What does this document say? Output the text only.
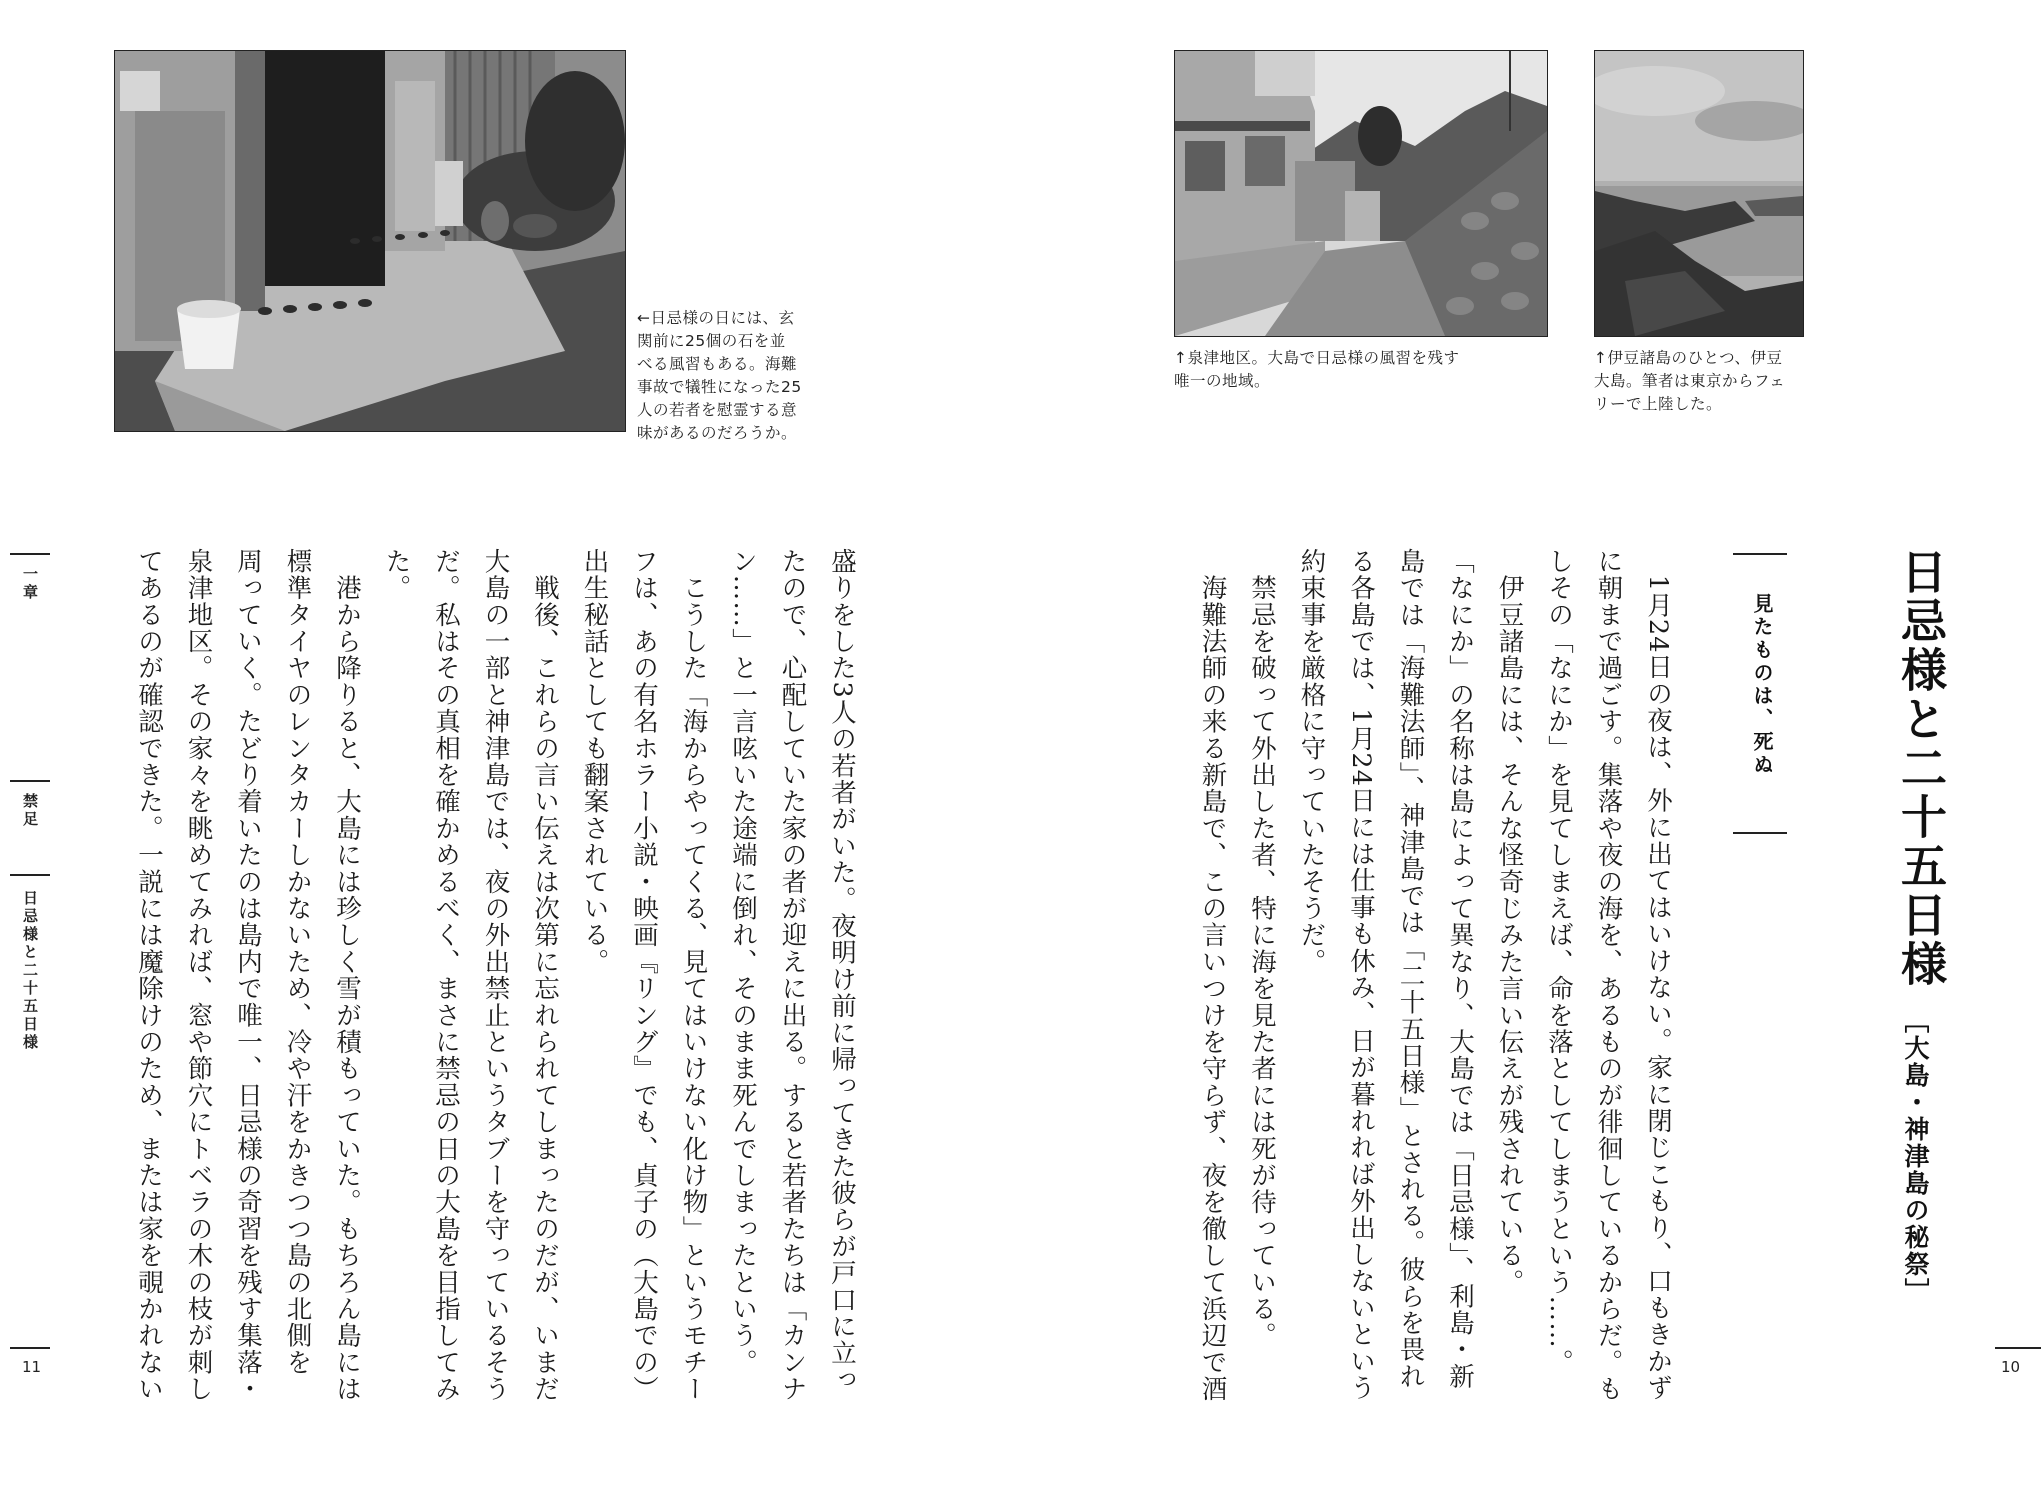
←日忌様の日には、玄
関前に25個の石を並
べる風習もある。海難
事故で犠牲になった25
人の若者を慰霊する意
味があるのだろうか。
盛りをした3人の若者がいた。夜明け前に帰ってきた彼らが戸口に立っ
たので、心配していた家の者が迎えに出る。すると若者たちは「カンナ
ン……」と一言呟いた途端に倒れ、そのまま死んでしまったという。
　こうした「海からやってくる、見てはいけない化け物」というモチー
フは、あの有名ホラー小説・映画『リング』でも、貞子の（大島での）
出生秘話としても翻案されている。
　戦後、これらの言い伝えは次第に忘れられてしまったのだが、いまだ
大島の一部と神津島では、夜の外出禁止というタブーを守っているそう
だ。私はその真相を確かめるべく、まさに禁忌の日の大島を目指してみ
た。
　港から降りると、大島には珍しく雪が積もっていた。もちろん島には
標準タイヤのレンタカーしかないため、冷や汗をかきつつ島の北側を
周っていく。たどり着いたのは島内で唯一、日忌様の奇習を残す集落・
泉津地区。その家々を眺めてみれば、窓や節穴にトベラの木の枝が刺し
てあるのが確認できた。一説には魔除けのため、または家を覗かれない
一章
禁足
日忌様と二十五日様
11
↑泉津地区。大島で日忌様の風習を残す
唯一の地域。
↑伊豆諸島のひとつ、伊豆
大島。筆者は東京からフェ
リーで上陸した。
日忌様と二十五日様
［大島・神津島の秘祭］
見たものは、死ぬ
　1月24日の夜は、外に出てはいけない。家に閉じこもり、口もきかず
に朝まで過ごす。集落や夜の海を、あるものが徘徊しているからだ。も
しその「なにか」を見てしまえば、命を落としてしまうという……。
　伊豆諸島には、そんな怪奇じみた言い伝えが残されている。
「なにか」の名称は島によって異なり、大島では「日忌様」、利島・新
島では「海難法師」、神津島では「二十五日様」とされる。彼らを畏れ
る各島では、1月24日には仕事も休み、日が暮れれば外出しないという
約束事を厳格に守っていたそうだ。
　禁忌を破って外出した者、特に海を見た者には死が待っている。
　海難法師の来る新島で、この言いつけを守らず、夜を徹して浜辺で酒	10
